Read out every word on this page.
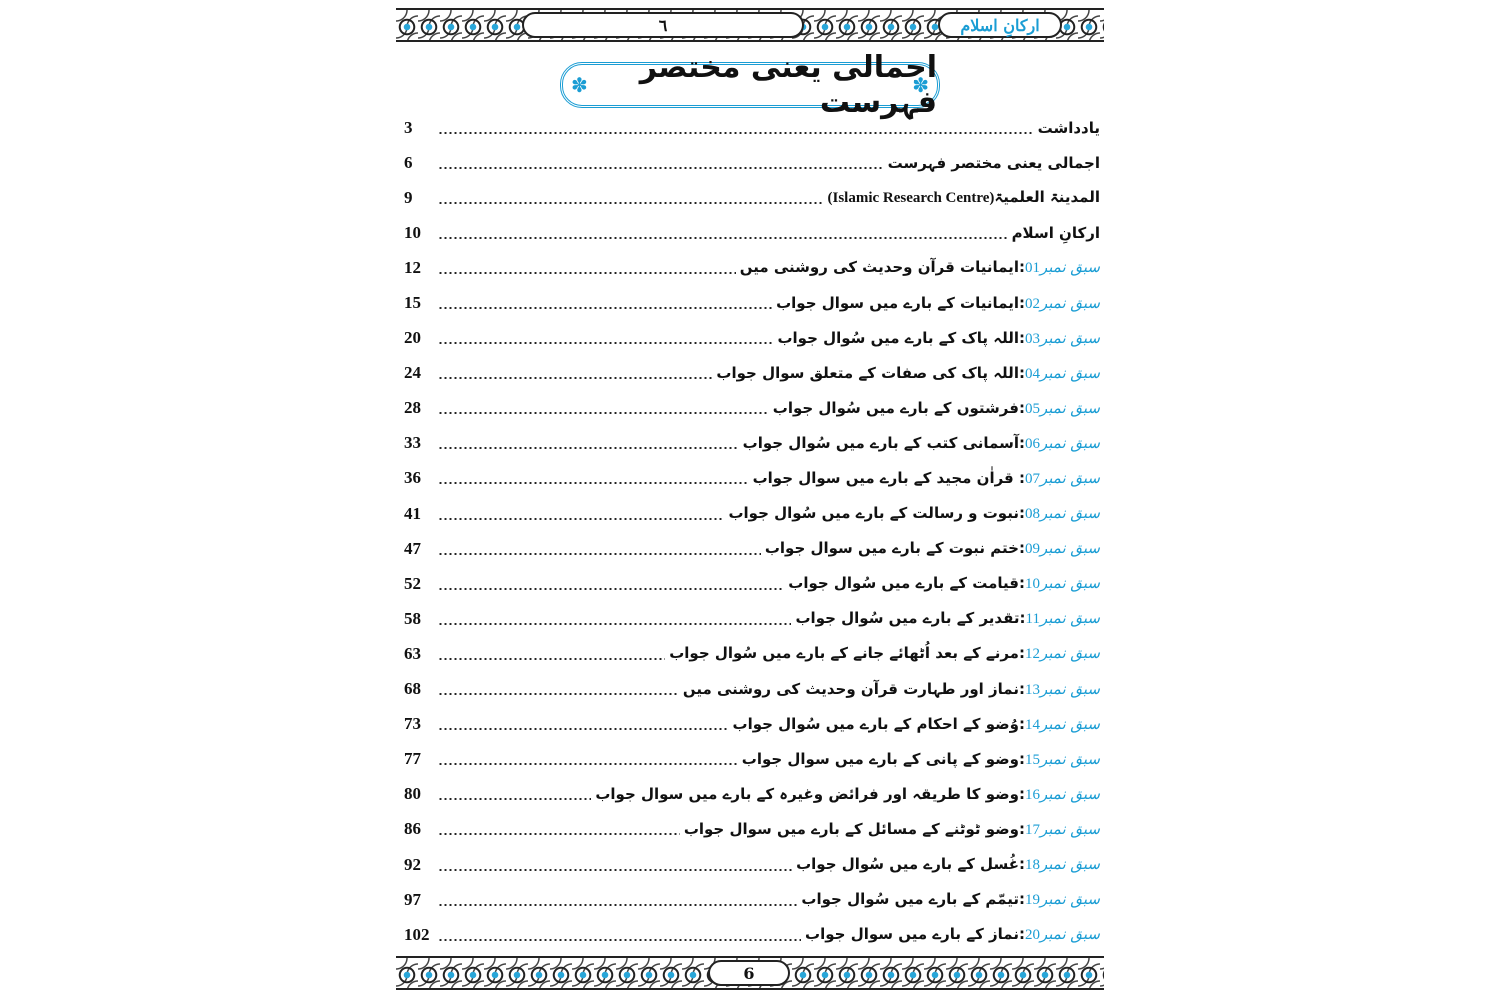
ارکانِ اسلام
٦
✽ اجمالی یعنی مختصر فہرست
✽
3	یادداشت
6	اجمالی یعنی مختصر فہرست
9	المدینۃ العلمیۃ(Islamic Research Centre)
10	ارکانِ اسلام
12	سبق نمبر01:ایمانیات قرآن وحدیث کی روشنی میں
15	سبق نمبر02:ایمانیات کے بارے میں سوال جواب
20	سبق نمبر03:اللہ پاک کے بارے میں سُوال جواب
24	سبق نمبر04:اللہ پاک کی صفات کے متعلق سوال جواب
28	سبق نمبر05:فرشتوں کے بارے میں سُوال جواب
33	سبق نمبر06:آسمانی کتب کے بارے میں سُوال جواب
36	سبق نمبر07: قراٰن مجید کے بارے میں سوال جواب
41	سبق نمبر08:نبوت و رسالت کے بارے میں سُوال جواب
47	سبق نمبر09:ختم نبوت کے بارے میں سوال جواب
52	سبق نمبر10:قیامت کے بارے میں سُوال جواب
58	سبق نمبر11:تقدیر کے بارے میں سُوال جواب
63	سبق نمبر12:مرنے کے بعد اُٹھائے جانے کے بارے میں سُوال جواب
68	سبق نمبر13:نماز اور طہارت قرآن وحدیث کی روشنی میں
73	سبق نمبر14:وُضو کے احکام کے بارے میں سُوال جواب
77	سبق نمبر15:وضو کے پانی کے بارے میں سوال جواب
80	سبق نمبر16:وضو کا طریقہ اور فرائض وغیرہ کے بارے میں سوال جواب
86	سبق نمبر17:وضو ٹوٹنے کے مسائل کے بارے میں سوال جواب
92	سبق نمبر18:غُسل کے بارے میں سُوال جواب
97	سبق نمبر19:تیمّم کے بارے میں سُوال جواب
102	سبق نمبر20:نماز کے بارے میں سوال جواب
6
